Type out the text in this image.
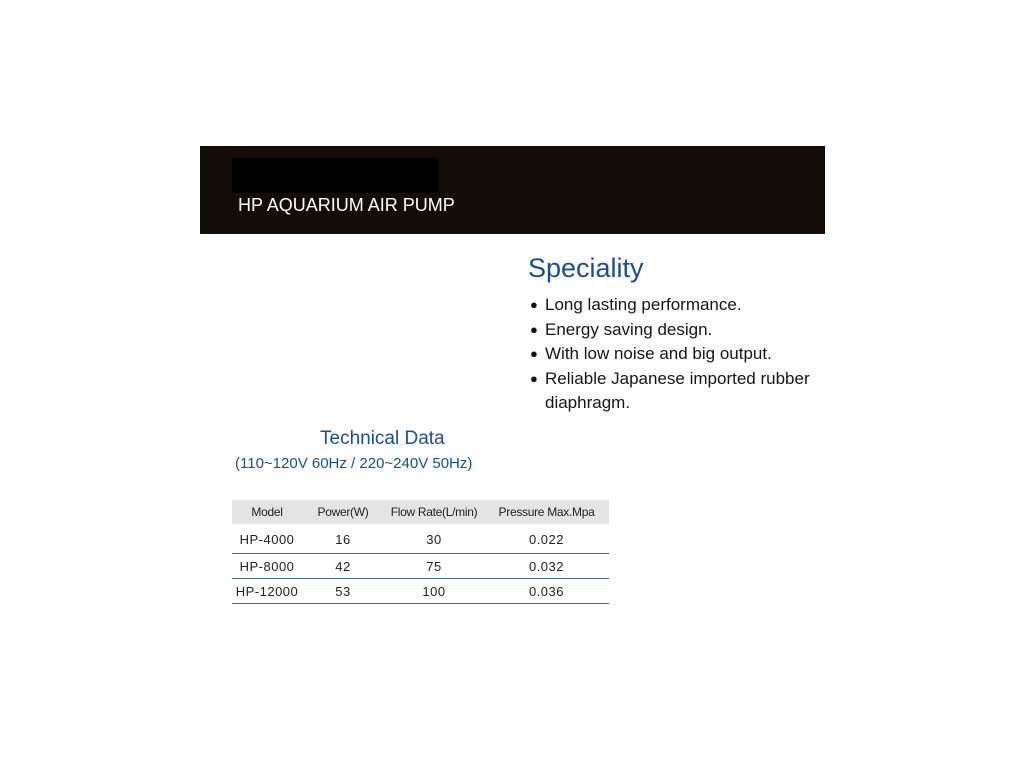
HP AQUARIUM AIR PUMP
Speciality
● Long lasting performance.
● Energy saving design.
● With low noise and big output.
● Reliable Japanese imported rubber diaphragm.
Technical Data
(110~120V 60Hz / 220~240V 50Hz)
Model	Power(W)	Flow Rate(L/min)	Pressure Max.Mpa
HP-4000	16	30	0.022
HP-8000	42	75	0.032
HP-12000	53	100	0.036
